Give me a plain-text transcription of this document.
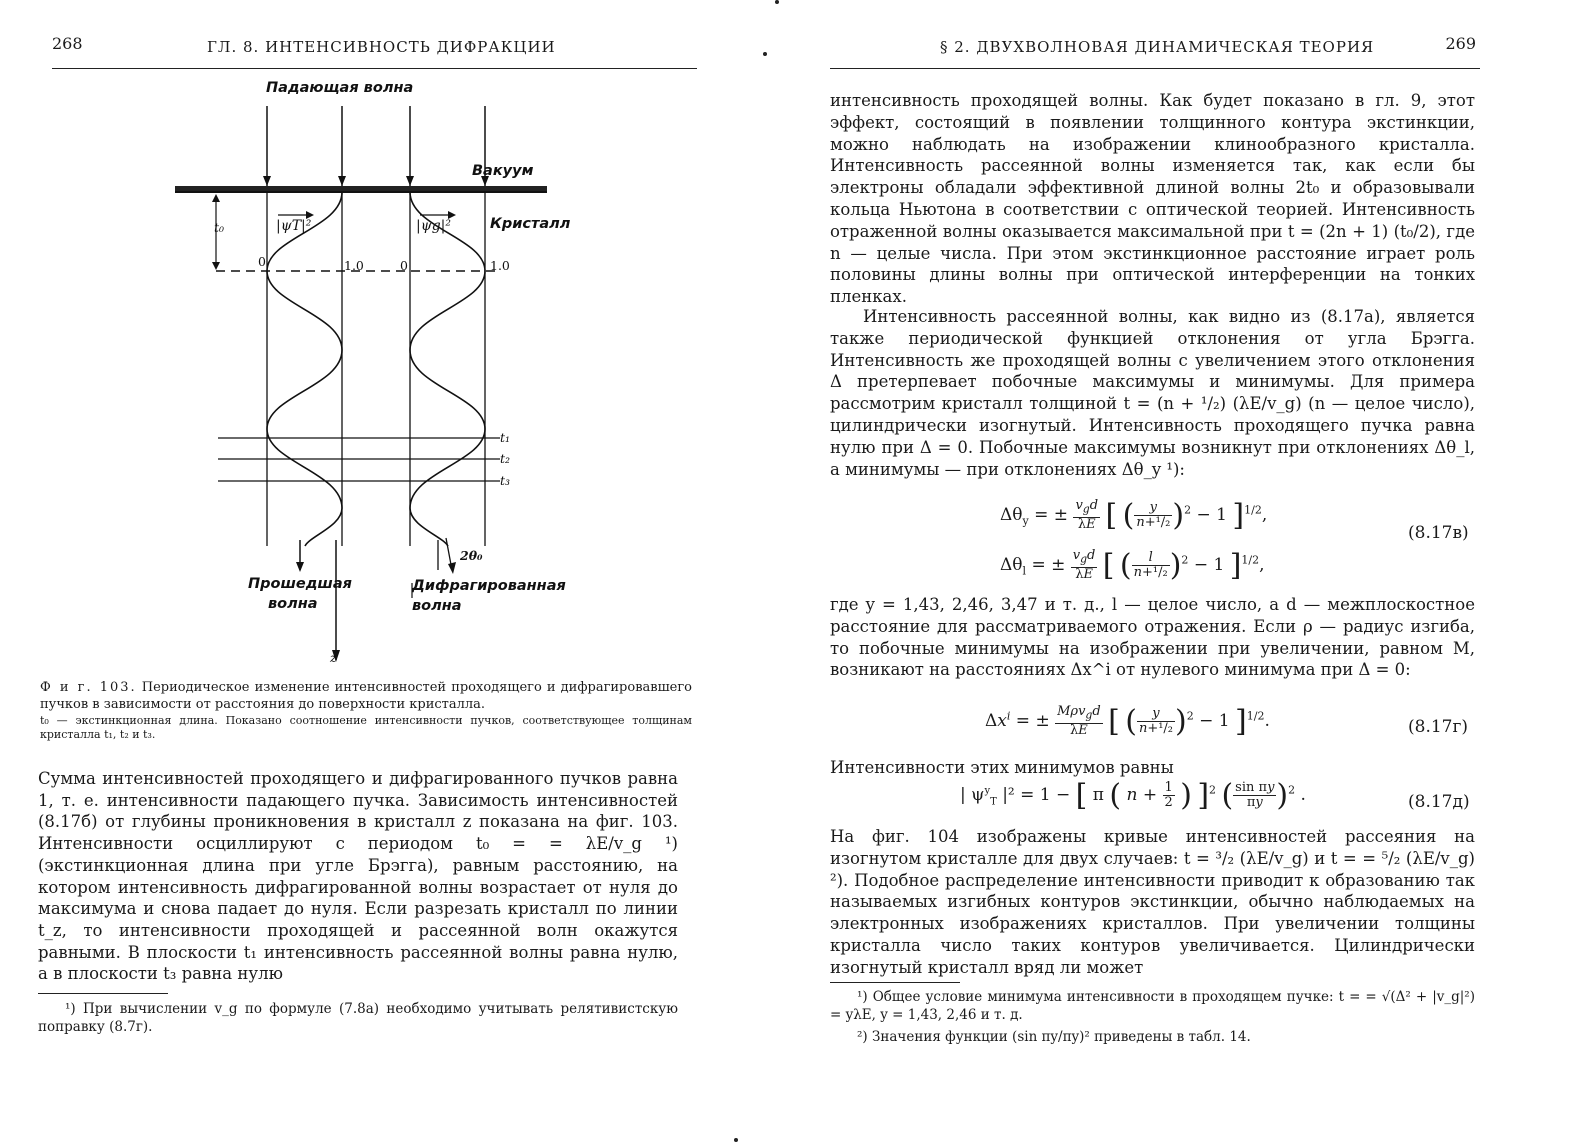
268	ГЛ. 8. ИНТЕНСИВНОСТЬ ДИФРАКЦИИ
Падающая волна
Вакуум
Кристалл
t₀	|ψT|²	|ψg|²
0	1.0	0	1.0
t₁
t₂
t₃
2θ₀
Прошедшая
волна
Дифрагированная
волна
z
Ф и г. 103. Периодическое изменение интенсивностей проходящего и дифрагировавшего пучков в зависимости от расстояния до поверхности кристалла.
t₀ — экстинкционная длина. Показано соотношение интенсивности пучков, соответствующее толщинам кристалла t₁, t₂ и t₃.

Сумма интенсивностей проходящего и дифрагированного пучков равна 1, т. е. интенсивности падающего пучка. Зависимость интенсивностей (8.17б) от глубины проникновения в кристалл z показана на фиг. 103. Интенсивности осциллируют с периодом t₀ = = λE/v_g ¹) (экстинкционная длина при угле Брэгга), равным расстоянию, на котором интенсивность дифрагированной волны возрастает от нуля до максимума и снова падает до нуля. Если разрезать кристалл по линии t_z, то интенсивности проходящей и рассеянной волн окажутся равными. В плоскости t₁ интенсивность рассеянной волны равна нулю, а в плоскости t₃ равна нулю

¹) При вычислении v_g по формуле (7.8а) необходимо учитывать релятивистскую поправку (8.7г).

§ 2. ДВУХВОЛНОВАЯ ДИНАМИЧЕСКАЯ ТЕОРИЯ	269

интенсивность проходящей волны. Как будет показано в гл. 9, этот эффект, состоящий в появлении толщинного контура экстинкции, можно наблюдать на изображении клинообразного кристалла. Интенсивность рассеянной волны изменяется так, как если бы электроны обладали эффективной длиной волны 2t₀ и образовывали кольца Ньютона в соответствии с оптической теорией. Интенсивность отраженной волны оказывается максимальной при t = (2n + 1) (t₀/2), где n — целые числа. При этом экстинкционное расстояние играет роль половины длины волны при оптической интерференции на тонких пленках.

Интенсивность рассеянной волны, как видно из (8.17а), является также периодической функцией отклонения от угла Брэгга. Интенсивность же проходящей волны с увеличением этого отклонения Δ претерпевает побочные максимумы и минимумы. Для примера рассмотрим кристалл толщиной t = (n + ¹/₂) (λE/v_g) (n — целое число), цилиндрически изогнутый. Интенсивность проходящего пучка равна нулю при Δ = 0. Побочные максимумы возникнут при отклонениях Δθ_l, а минимумы — при отклонениях Δθ_y ¹):

$\Delta\theta_y$ = ± $\frac{v_gd}{\lambda E}$ [ ( $\frac{y}{\text{n+¹/₂}} )^2 - 1$ ]$^{1/2}$,
(8.17в)
$\Delta\theta_l$ = ± $\frac{v_gd}{\lambda E}$ [ ( $\frac{l}{\text{n+¹/₂}} )^2 - 1$ ]$^{1/2}$,

где y = 1,43, 2,46, 3,47 и т. д., l — целое число, а d — межплоскостное расстояние для рассматриваемого отражения. Если ρ — радиус изгиба, то побочные минимумы на изображении при увеличении, равном M, возникают на расстояниях Δx^i от нулевого минимума при Δ = 0:

$\Delta x^i$ = ± $\frac{M\rho v_gd}{\lambda E}$ [ ( $\frac{y}{\text{n+¹/₂}} )^2 - 1$ ]$^{1/2}$.	(8.17г)

Интенсивности этих минимумов равны

| $\psi^y_T$ |² = 1 − [ π ( $n + \frac{1}{2}$ ) ]$^2$ ( $\frac{\text{sin πy}}{\pi y} )^2$ .	(8.17д)

На фиг. 104 изображены кривые интенсивностей рассеяния на изогнутом кристалле для двух случаев: t = ³/₂ (λE/v_g) и t = = ⁵/₂ (λE/v_g) ²). Подобное распределение интенсивности приводит к образованию так называемых изгибных контуров экстинкции, обычно наблюдаемых на электронных изображениях кристаллов. При увеличении толщины кристалла число таких контуров увеличивается. Цилиндрически изогнутый кристалл вряд ли может

¹) Общее условие минимума интенсивности в проходящем пучке: t = = √(Δ² + |v_g|²) = yλE, y = 1,43, 2,46 и т. д.

²) Значения функции (sin πy/πy)² приведены в табл. 14.
